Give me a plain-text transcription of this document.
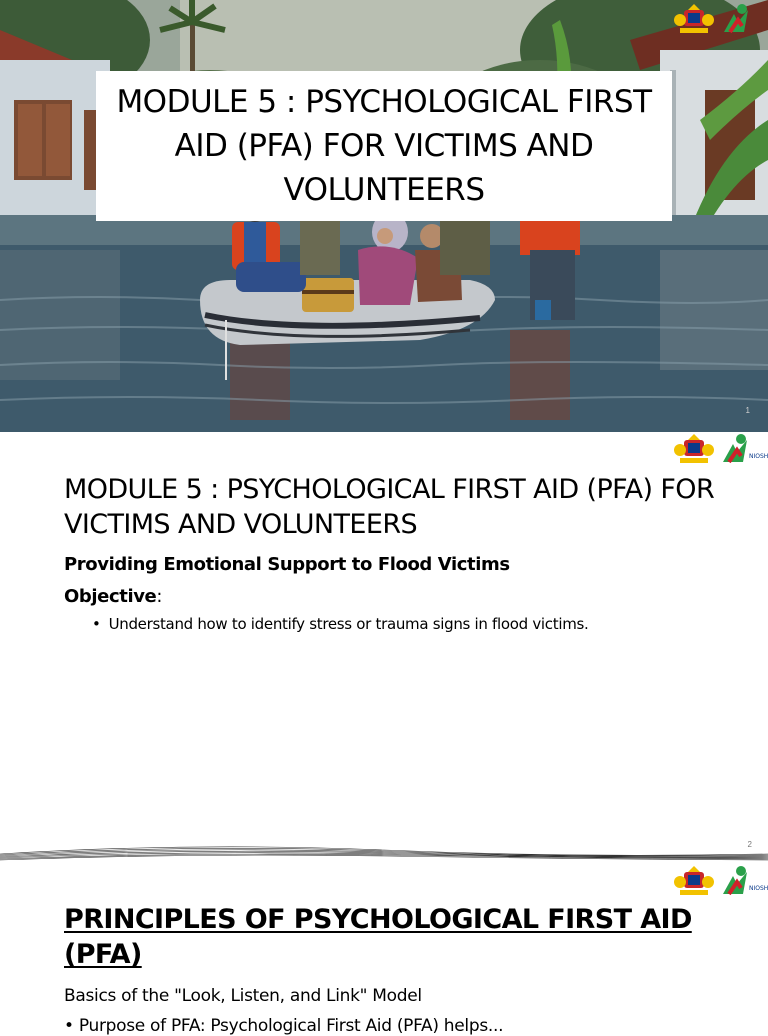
MODULE 5 : PSYCHOLOGICAL FIRST AID (PFA) FOR VICTIMS AND VOLUNTEERS
1
NIOSH
MODULE 5 : PSYCHOLOGICAL FIRST AID (PFA) FOR VICTIMS AND VOLUNTEERS
Providing Emotional Support to Flood Victims
Objective:
• Understand how to identify stress or trauma signs in flood victims.
2
NIOSH
PRINCIPLES OF PSYCHOLOGICAL FIRST AID (PFA)
Basics of the "Look, Listen, and Link" Model
• Purpose of PFA: Psychological First Aid (PFA) helps...
